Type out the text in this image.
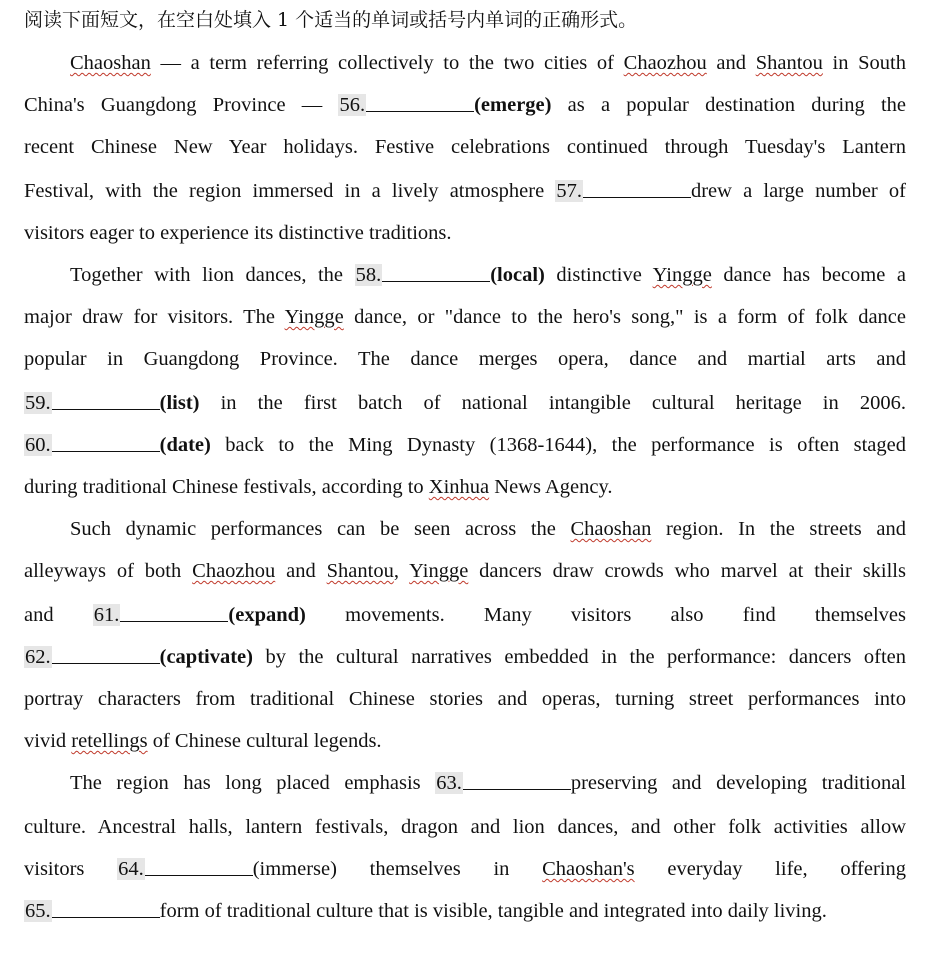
阅读下面短文，在空白处填入 1 个适当的单词或括号内单词的正确形式。
Chaoshan — a term referring collectively to the two cities of Chaozhou and Shantou in South
China's Guangdong Province — 56.	(emerge) as a popular destination during the
recent Chinese New Year holidays. Festive celebrations continued through Tuesday's Lantern
Festival, with the region immersed in a lively atmosphere 57.	drew a large number of
visitors eager to experience its distinctive traditions.
Together with lion dances, the 58.	(local) distinctive Yingge dance has become a
major draw for visitors. The Yingge dance, or "dance to the hero's song," is a form of folk dance
popular in Guangdong Province. The dance merges opera, dance and martial arts and
59.	(list) in the first batch of national intangible cultural heritage in 2006.
60.	(date) back to the Ming Dynasty (1368-1644), the performance is often staged
during traditional Chinese festivals, according to Xinhua News Agency.
Such dynamic performances can be seen across the Chaoshan region. In the streets and
alleyways of both Chaozhou and Shantou, Yingge dancers draw crowds who marvel at their skills
and 61.	(expand) movements. Many visitors also find themselves
62.	(captivate) by the cultural narratives embedded in the performance: dancers often
portray characters from traditional Chinese stories and operas, turning street performances into
vivid retellings of Chinese cultural legends.
The region has long placed emphasis 63.	preserving and developing traditional
culture. Ancestral halls, lantern festivals, dragon and lion dances, and other folk activities allow
visitors 64.	(immerse) themselves in Chaoshan's everyday life, offering
65.	form of traditional culture that is visible, tangible and integrated into daily living.
